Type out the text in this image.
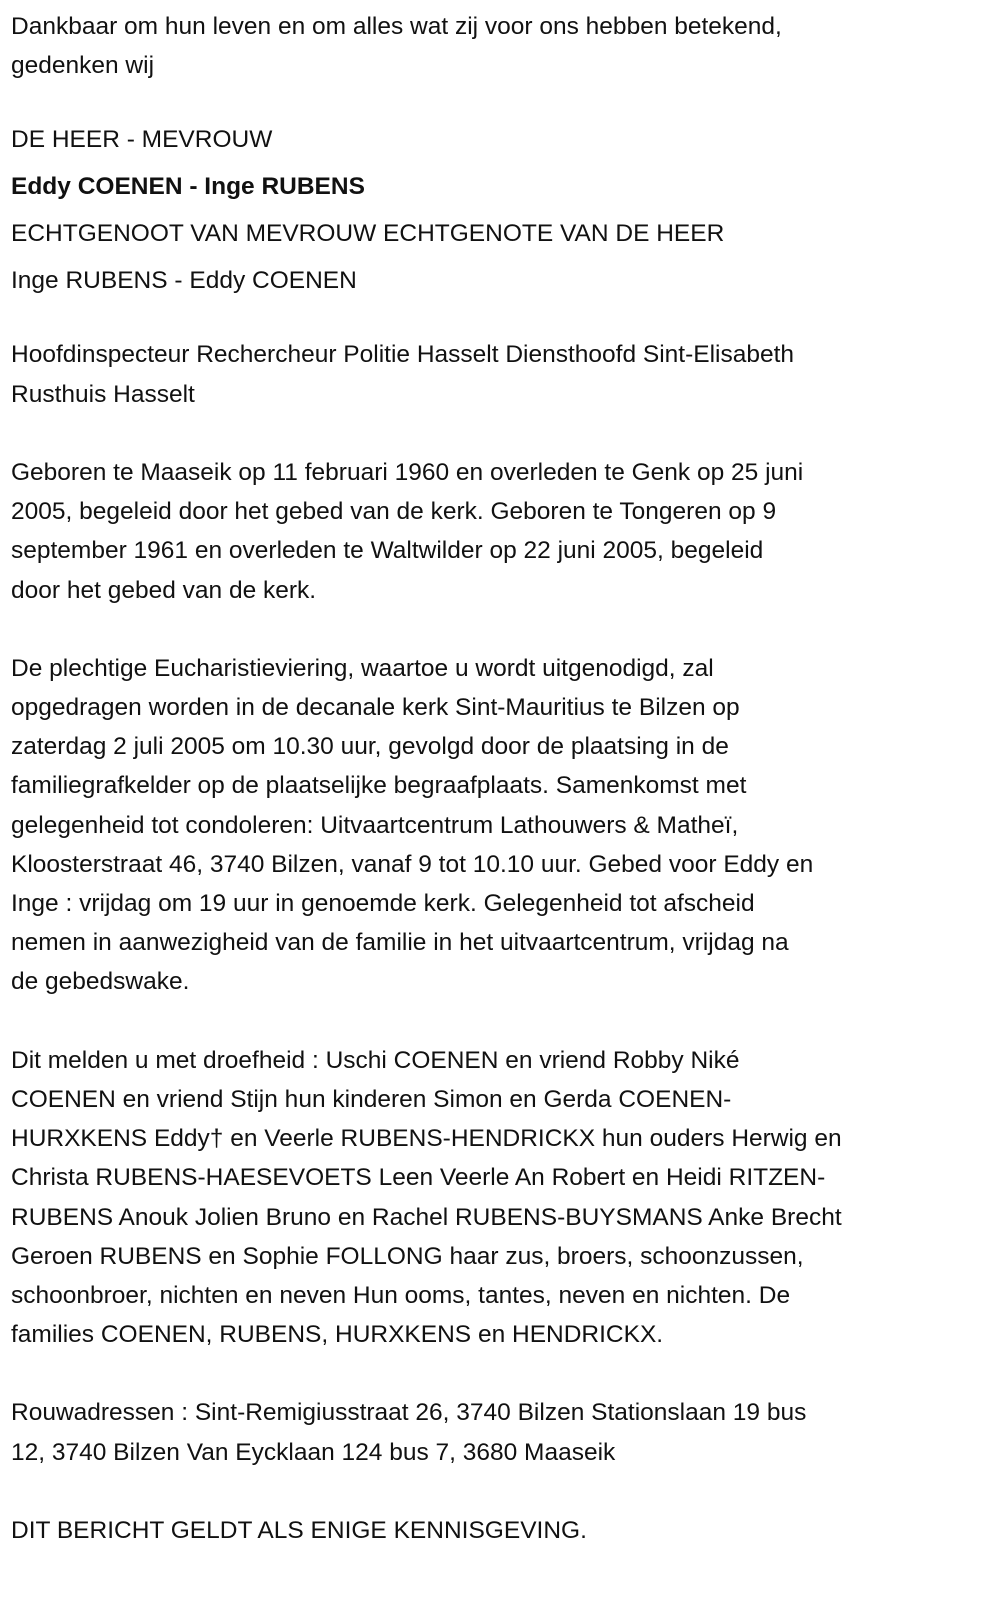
Dankbaar om hun leven en om alles wat zij voor ons hebben betekend,
gedenken wij
DE HEER - MEVROUW
Eddy COENEN - Inge RUBENS
ECHTGENOOT VAN MEVROUW ECHTGENOTE VAN DE HEER
Inge RUBENS - Eddy COENEN
Hoofdinspecteur Rechercheur Politie Hasselt Diensthoofd Sint-Elisabeth
Rusthuis Hasselt
Geboren te Maaseik op 11 februari 1960 en overleden te Genk op 25 juni
2005, begeleid door het gebed van de kerk. Geboren te Tongeren op 9
september 1961 en overleden te Waltwilder op 22 juni 2005, begeleid
door het gebed van de kerk.
De plechtige Eucharistieviering, waartoe u wordt uitgenodigd, zal
opgedragen worden in de decanale kerk Sint-Mauritius te Bilzen op
zaterdag 2 juli 2005 om 10.30 uur, gevolgd door de plaatsing in de
familiegrafkelder op de plaatselijke begraafplaats. Samenkomst met
gelegenheid tot condoleren: Uitvaartcentrum Lathouwers & Matheï,
Kloosterstraat 46, 3740 Bilzen, vanaf 9 tot 10.10 uur. Gebed voor Eddy en
Inge : vrijdag om 19 uur in genoemde kerk. Gelegenheid tot afscheid
nemen in aanwezigheid van de familie in het uitvaartcentrum, vrijdag na
de gebedswake.
Dit melden u met droefheid : Uschi COENEN en vriend Robby Niké
COENEN en vriend Stijn hun kinderen Simon en Gerda COENEN-
HURXKENS Eddy† en Veerle RUBENS-HENDRICKX hun ouders Herwig en
Christa RUBENS-HAESEVOETS Leen Veerle An Robert en Heidi RITZEN-
RUBENS Anouk Jolien Bruno en Rachel RUBENS-BUYSMANS Anke Brecht
Geroen RUBENS en Sophie FOLLONG haar zus, broers, schoonzussen,
schoonbroer, nichten en neven Hun ooms, tantes, neven en nichten. De
families COENEN, RUBENS, HURXKENS en HENDRICKX.
Rouwadressen : Sint-Remigiusstraat 26, 3740 Bilzen Stationslaan 19 bus
12, 3740 Bilzen Van Eycklaan 124 bus 7, 3680 Maaseik
DIT BERICHT GELDT ALS ENIGE KENNISGEVING.
